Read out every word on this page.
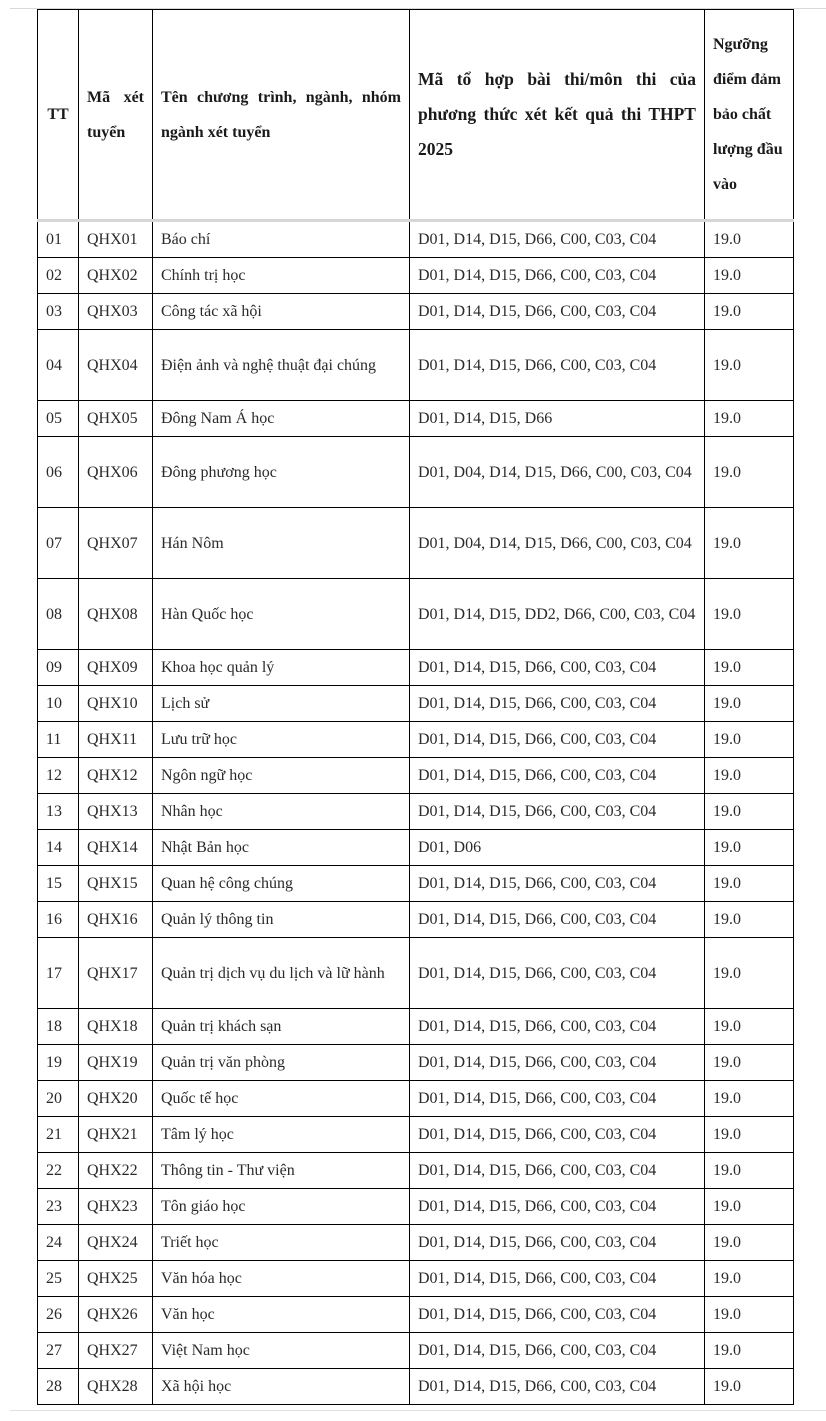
TT	Mã xét tuyển	Tên chương trình, ngành, nhóm ngành xét tuyển	Mã tổ hợp bài thi/môn thi của phương thức xét kết quả thi THPT 2025	Ngưỡng điểm đảm bảo chất lượng đầu vào
01	QHX01	Báo chí	D01, D14, D15, D66, C00, C03, C04	19.0
02	QHX02	Chính trị học	D01, D14, D15, D66, C00, C03, C04	19.0
03	QHX03	Công tác xã hội	D01, D14, D15, D66, C00, C03, C04	19.0
04	QHX04	Điện ảnh và nghệ thuật đại chúng	D01, D14, D15, D66, C00, C03, C04	19.0
05	QHX05	Đông Nam Á học	D01, D14, D15, D66	19.0
06	QHX06	Đông phương học	D01, D04, D14, D15, D66, C00, C03, C04	19.0
07	QHX07	Hán Nôm	D01, D04, D14, D15, D66, C00, C03, C04	19.0
08	QHX08	Hàn Quốc học	D01, D14, D15, DD2, D66, C00, C03, C04	19.0
09	QHX09	Khoa học quản lý	D01, D14, D15, D66, C00, C03, C04	19.0
10	QHX10	Lịch sử	D01, D14, D15, D66, C00, C03, C04	19.0
11	QHX11	Lưu trữ học	D01, D14, D15, D66, C00, C03, C04	19.0
12	QHX12	Ngôn ngữ học	D01, D14, D15, D66, C00, C03, C04	19.0
13	QHX13	Nhân học	D01, D14, D15, D66, C00, C03, C04	19.0
14	QHX14	Nhật Bản học	D01, D06	19.0
15	QHX15	Quan hệ công chúng	D01, D14, D15, D66, C00, C03, C04	19.0
16	QHX16	Quản lý thông tin	D01, D14, D15, D66, C00, C03, C04	19.0
17	QHX17	Quản trị dịch vụ du lịch và lữ hành	D01, D14, D15, D66, C00, C03, C04	19.0
18	QHX18	Quản trị khách sạn	D01, D14, D15, D66, C00, C03, C04	19.0
19	QHX19	Quản trị văn phòng	D01, D14, D15, D66, C00, C03, C04	19.0
20	QHX20	Quốc tế học	D01, D14, D15, D66, C00, C03, C04	19.0
21	QHX21	Tâm lý học	D01, D14, D15, D66, C00, C03, C04	19.0
22	QHX22	Thông tin - Thư viện	D01, D14, D15, D66, C00, C03, C04	19.0
23	QHX23	Tôn giáo học	D01, D14, D15, D66, C00, C03, C04	19.0
24	QHX24	Triết học	D01, D14, D15, D66, C00, C03, C04	19.0
25	QHX25	Văn hóa học	D01, D14, D15, D66, C00, C03, C04	19.0
26	QHX26	Văn học	D01, D14, D15, D66, C00, C03, C04	19.0
27	QHX27	Việt Nam học	D01, D14, D15, D66, C00, C03, C04	19.0
28	QHX28	Xã hội học	D01, D14, D15, D66, C00, C03, C04	19.0
